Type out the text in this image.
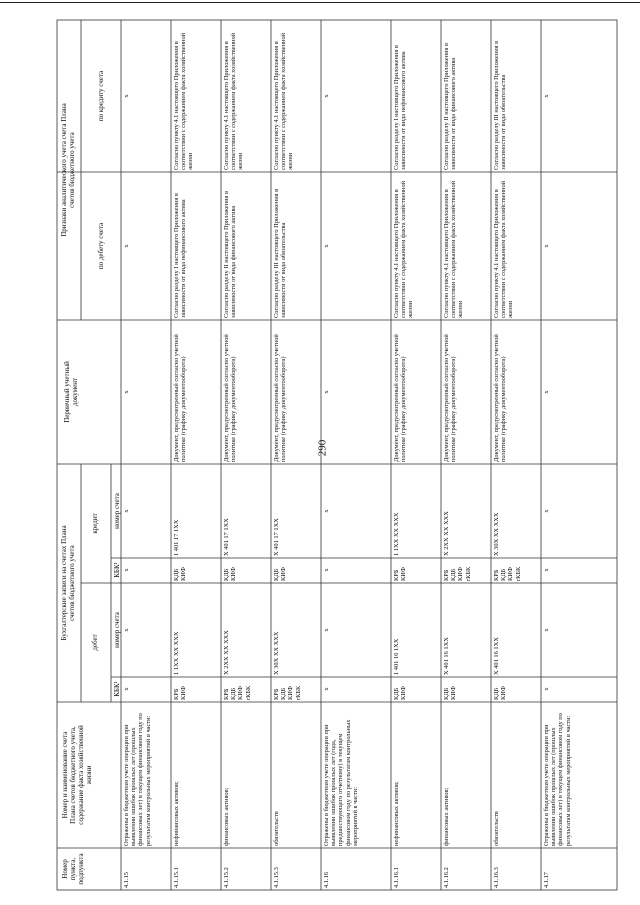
290
Номер
пункта,
подпункта
Номер и наименование счета
Плана счетов бюджетного учета,
содержание факта хозяйственной
жизни
Бухгалтерские записи на счетах Плана
счетов бюджетного учета
дебет
кредит
КБК¹
номер счета
КБК¹
номер счета
Первичный учетный
документ
Признаки аналитического учета счета Плана
счетов бюджетного учета
по дебету счета
по кредиту счета
4.1.15
Отражены в бюджетном учете операции при выявлении ошибок прошлых лет (прошлых финансовых лет) в текущем финансовом году по результатам контрольных мероприятий в части:
x
x
x
x
x
x
x
4.1.15.1
нефинансовых активов;
КРБ
КИФ
1 1ХХ ХХ ХХХ
КДБ
КИФ
1 401 17 1ХХ
Документ, предусмотренный согласно учетной политике (графику документооборота)
Согласно разделу I настоящего Приложения в зависимости от вида нефинансового актива
Согласно пункту 4.1 настоящего Приложения в соответствии с содержанием факта хозяйственной жизни
4.1.15.2
финансовых активов;
КРБ
КДБ
КИФ
rКБК
Х 2ХХ ХХ ХХХ
КДБ
КИФ
Х 401 17 1ХХ
Документ, предусмотренный согласно учетной политике (графику документооборота)
Согласно разделу II настоящего Приложения в зависимости от вида финансового актива
Согласно пункту 4.1 настоящего Приложения в соответствии с содержанием факта хозяйственной жизни
4.1.15.3
обязательств
КРБ
КДБ
КИФ
rКБК
Х 30Х ХХ ХХХ
КДБ
КИФ
Х 401 17 1ХХ
Документ, предусмотренный согласно учетной политике (графику документооборота)
Согласно разделу III настоящего Приложения в зависимости от вида обязательства
Согласно пункту 4.1 настоящего Приложения в соответствии с содержанием факта хозяйственной жизни
4.1.16
Отражены в бюджетном учете операции при выявлении ошибок прошлых лет (года, предшествующего отчетному) в текущем финансовом году по результатам контрольных мероприятий в части:
x
x
x
x
x
x
x
4.1.16.1
нефинансовых активов;
КДБ
КИФ
1 401 16 1ХХ
КРБ
КИФ
1 1ХХ ХХ ХХХ
Документ, предусмотренный согласно учетной политике (графику документооборота)
Согласно пункту 4.1 настоящего Приложения в соответствии с содержанием факта хозяйственной жизни
Согласно разделу I настоящего Приложения в зависимости от вида нефинансового актива
4.1.16.2
финансовых активов;
КДБ
КИФ
Х 401 16 1ХХ
КРБ
КДБ
КИФ
rКБК
Х 2ХХ ХХ ХХХ
Документ, предусмотренный согласно учетной политике (графику документооборота)
Согласно пункту 4.1 настоящего Приложения в соответствии с содержанием факта хозяйственной жизни
Согласно разделу II настоящего Приложения в зависимости от вида финансового актива
4.1.16.3
обязательств
КДБ
КИФ
Х 401 16 1ХХ
КРБ
КДБ
КИФ
rКБК
Х 30Х ХХ ХХХ
Документ, предусмотренный согласно учетной политике (графику документооборота)
Согласно пункту 4.1 настоящего Приложения в соответствии с содержанием факта хозяйственной жизни
Согласно разделу III настоящего Приложения в зависимости от вида обязательства
4.1.17
Отражены в бюджетном учете операции при выявлении ошибок прошлых лет (прошлых финансовых лет) в текущем финансовом году по результатам контрольных мероприятий в части:
x
x
x
x
x
x
x
